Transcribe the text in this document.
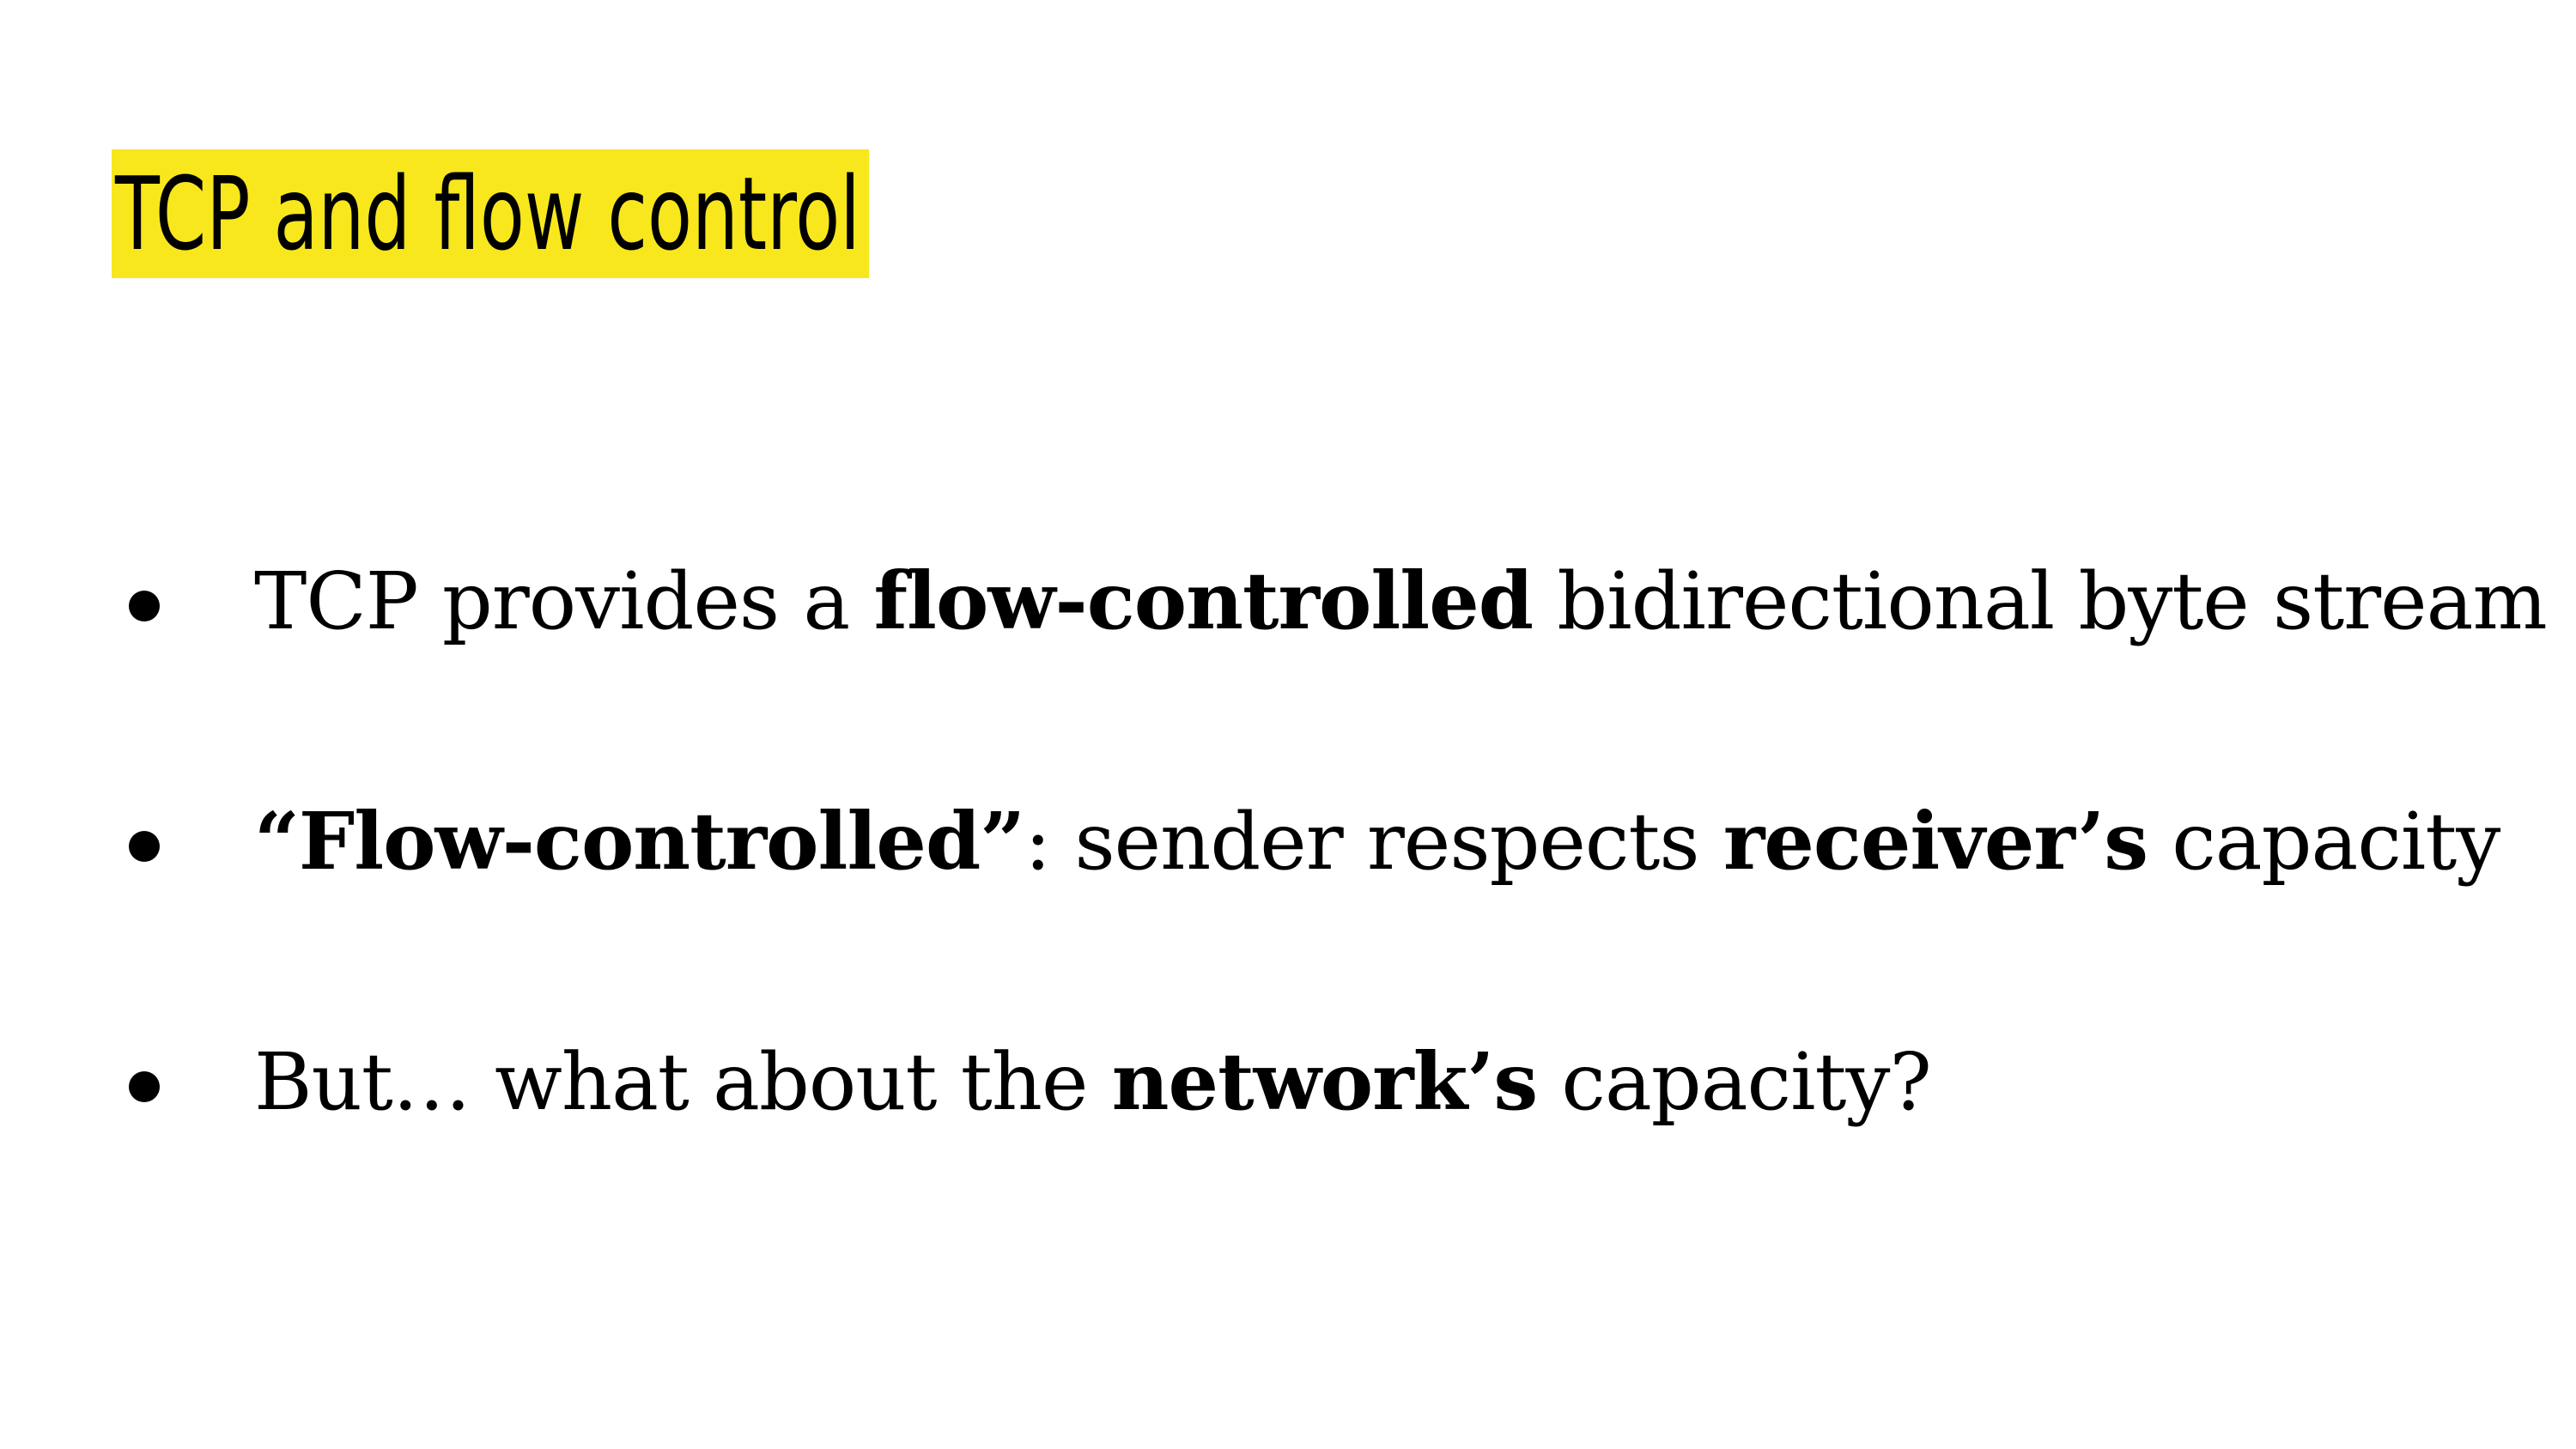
TCP and flow control
TCP provides a flow-controlled bidirectional byte stream
“Flow-controlled”: sender respects receiver’s capacity
But… what about the network’s capacity?
